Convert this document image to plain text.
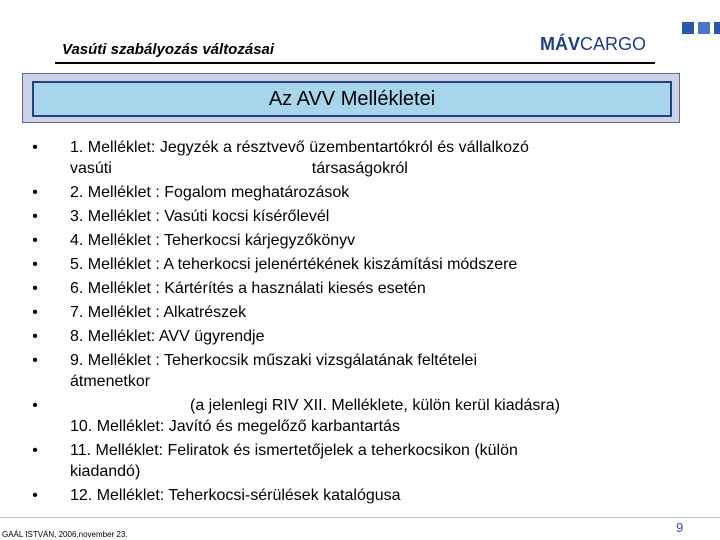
Vasúti szabályozás változásai	MÁVCARGO
Az AVV Mellékletei
• 1. Melléklet: Jegyzék a résztvevő üzembentartókról és vállalkozó
vasúti	társaságokról
• 2. Melléklet : Fogalom meghatározások
• 3. Melléklet : Vasúti kocsi kísérőlevél
• 4. Melléklet : Teherkocsi kárjegyzőkönyv
• 5. Melléklet : A teherkocsi jelenértékének kiszámítási módszere
• 6. Melléklet : Kártérítés a használati kiesés esetén
• 7. Melléklet : Alkatrészek
• 8. Melléklet: AVV ügyrendje
• 9. Melléklet : Teherkocsik műszaki vizsgálatának feltételei
átmenetkor
•	(a jelenlegi RIV XII. Melléklete, külön kerül kiadásra)
10. Melléklet: Javító és megelőző karbantartás
• 11. Melléklet: Feliratok és ismertetőjelek a teherkocsikon (külön
kiadandó)
• 12. Melléklet: Teherkocsi-sérülések katalógusa
GAÁL ISTVÁN, 2006.november 23.	9
